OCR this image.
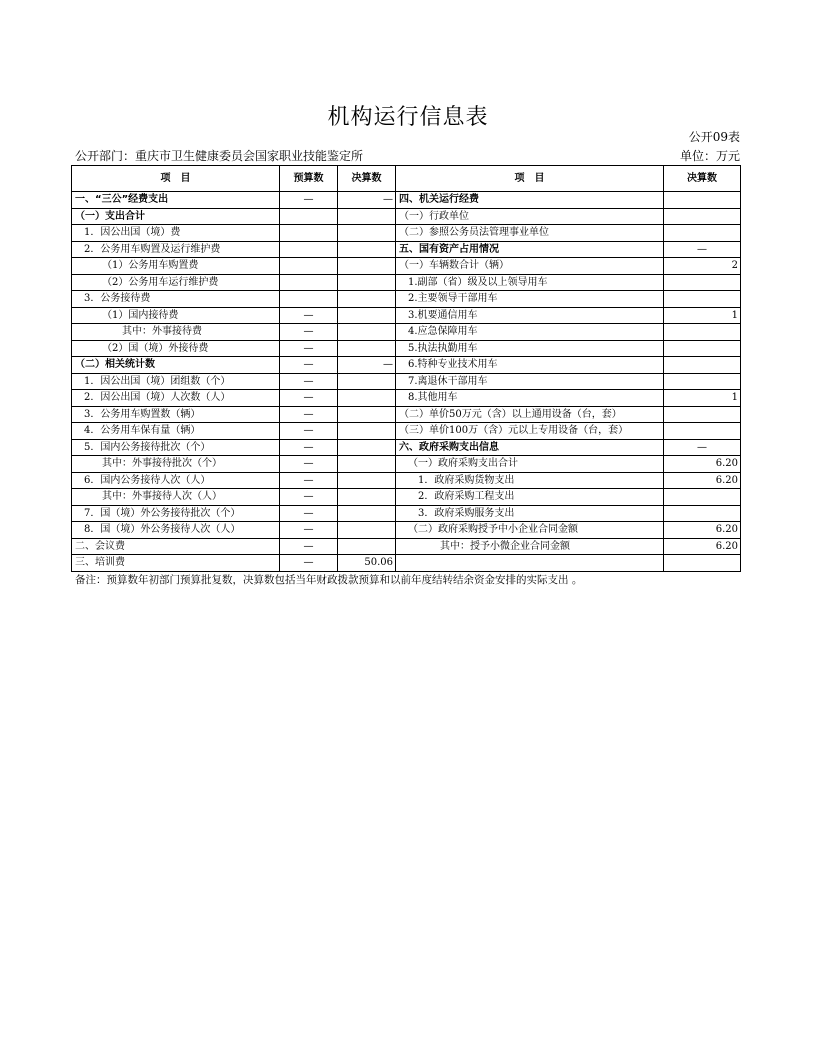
机构运行信息表
公开09表
公开部门：重庆市卫生健康委员会国家职业技能鉴定所	单位：万元
项　目	预算数	决算数	项　目	决算数
一、“三公”经费支出	—	—	四、机关运行经费	
（一）支出合计			（一）行政单位	
1．因公出国（境）费			（二）参照公务员法管理事业单位	
2．公务用车购置及运行维护费			五、国有资产占用情况	—
（1）公务用车购置费			（一）车辆数合计（辆）	2
（2）公务用车运行维护费			1.副部（省）级及以上领导用车	
3．公务接待费			2.主要领导干部用车	
（1）国内接待费	—		3.机要通信用车	1
其中：外事接待费	—		4.应急保障用车	
（2）国（境）外接待费	—		5.执法执勤用车	
（二）相关统计数	—	—	6.特种专业技术用车	
1．因公出国（境）团组数（个）	—		7.离退休干部用车	
2．因公出国（境）人次数（人）	—		8.其他用车	1
3．公务用车购置数（辆）	—		（二）单价50万元（含）以上通用设备（台，套）	
4．公务用车保有量（辆）	—		（三）单价100万（含）元以上专用设备（台，套）	
5．国内公务接待批次（个）	—		六、政府采购支出信息	—
其中：外事接待批次（个）	—		（一）政府采购支出合计	6.20
6．国内公务接待人次（人）	—		1．政府采购货物支出	6.20
其中：外事接待人次（人）	—		2．政府采购工程支出	
7．国（境）外公务接待批次（个）	—		3．政府采购服务支出	
8．国（境）外公务接待人次（人）	—		（二）政府采购授予中小企业合同金额	6.20
二、会议费	—		其中：授予小微企业合同金额	6.20
三、培训费	—	50.06		
备注：预算数年初部门预算批复数，决算数包括当年财政拨款预算和以前年度结转结余资金安排的实际支出 。
